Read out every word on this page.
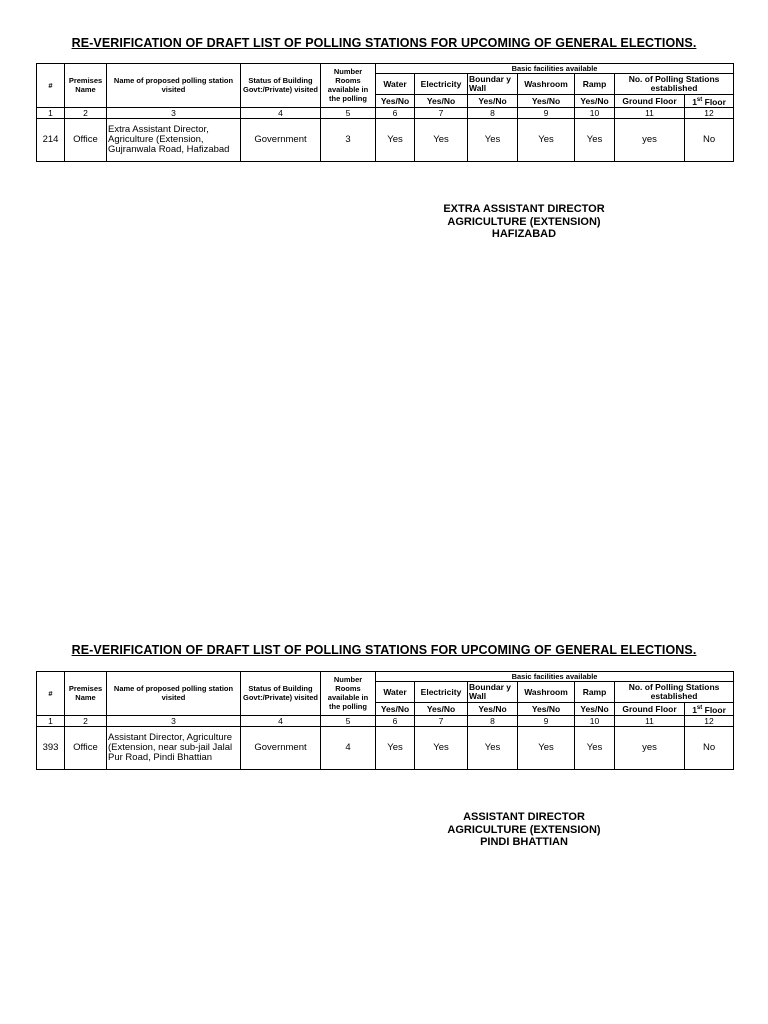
RE-VERIFICATION OF DRAFT LIST OF POLLING STATIONS FOR UPCOMING OF GENERAL ELECTIONS.
#	Premises Name	Name of proposed polling station visited	Status of Building Govt:/Private) visited	Number Rooms available in the polling	Basic facilities available						
					Water	Electricity	Boundar y Wall	Washroom	Ramp	No. of Polling Stations established	
					Yes/No	Yes/No	Yes/No	Yes/No	Yes/No	Ground Floor	1st Floor
1	2	3	4	5	6	7	8	9	10	11	12
214	Office	Extra Assistant Director, Agriculture (Extension, Gujranwala Road, Hafizabad	Government	3	Yes	Yes	Yes	Yes	Yes	yes	No
EXTRA ASSISTANT DIRECTOR
AGRICULTURE (EXTENSION)
HAFIZABAD
RE-VERIFICATION OF DRAFT LIST OF POLLING STATIONS FOR UPCOMING OF GENERAL ELECTIONS.
#	Premises Name	Name of proposed polling station visited	Status of Building Govt:/Private) visited	Number Rooms available in the polling	Basic facilities available						
					Water	Electricity	Boundar y Wall	Washroom	Ramp	No. of Polling Stations established	
					Yes/No	Yes/No	Yes/No	Yes/No	Yes/No	Ground Floor	1st Floor
1	2	3	4	5	6	7	8	9	10	11	12
393	Office	Assistant Director, Agriculture (Extension, near sub-jail Jalal Pur Road, Pindi Bhattian	Government	4	Yes	Yes	Yes	Yes	Yes	yes	No
ASSISTANT DIRECTOR
AGRICULTURE (EXTENSION)
PINDI BHATTIAN
